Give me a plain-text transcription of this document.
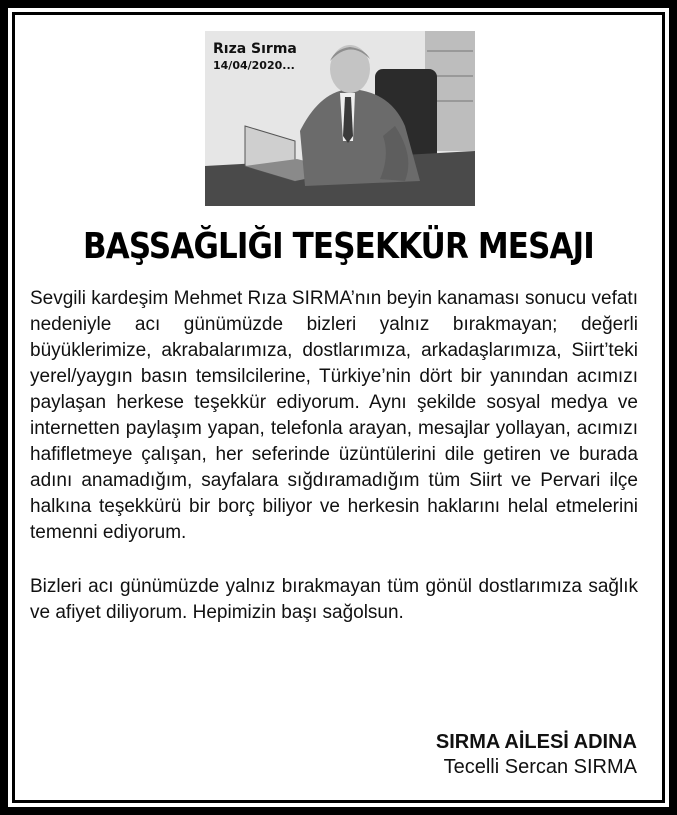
Rıza Sırma
14/04/2020...
BAŞSAĞLIĞI TEŞEKKÜR MESAJI

Sevgili kardeşim Mehmet Rıza SIRMA’nın beyin kanaması sonucu vefatı nedeniyle acı günümüzde bizleri yalnız bırakmayan; değerli büyüklerimize, akrabalarımıza, dostlarımıza, arkadaşlarımıza, Siirt’teki yerel/yaygın basın temsilcilerine, Türkiye’nin dört bir yanından acımızı paylaşan herkese teşekkür ediyorum. Aynı şekilde sosyal medya ve internetten paylaşım yapan, telefonla arayan, mesajlar yollayan, acımızı hafifletmeye çalışan, her seferinde üzüntülerini dile getiren ve burada adını anamadığım, sayfalara sığdıramadığım tüm Siirt ve Pervari ilçe halkına teşekkürü bir borç biliyor ve herkesin haklarını helal etmelerini temenni ediyorum.

Bizleri acı günümüzde yalnız bırakmayan tüm gönül dostlarımıza sağlık ve afiyet diliyorum. Hepimizin başı sağolsun.

SIRMA AİLESİ ADINA
Tecelli Sercan SIRMA
